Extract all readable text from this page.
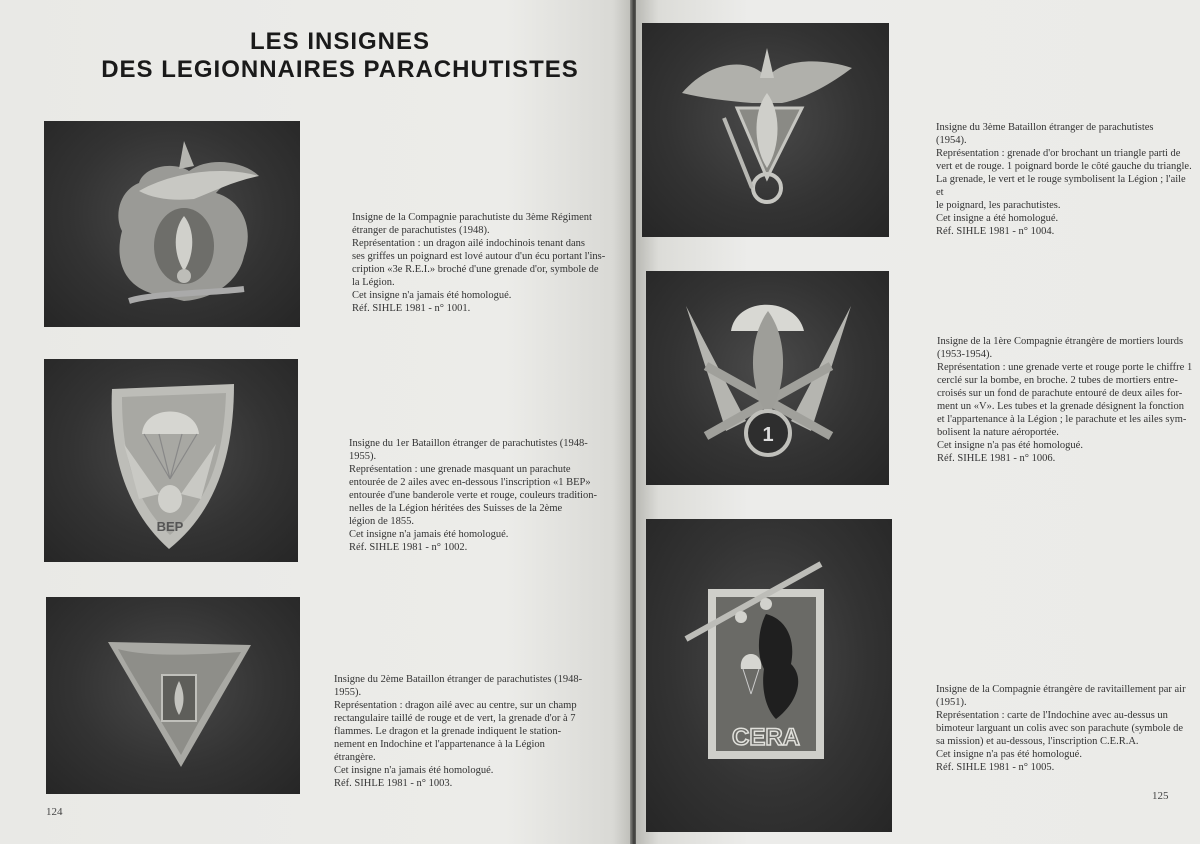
LES INSIGNES
DES LEGIONNAIRES PARACHUTISTES

Insigne de la Compagnie parachutiste du 3ème Régiment

étranger de parachutistes (1948).

Représentation : un dragon ailé indochinois tenant dans

ses griffes un poignard est lové autour d'un écu portant l'ins-

cription «3e R.E.I.» broché d'une grenade d'or, symbole de

la Légion.

Cet insigne n'a jamais été homologué.

Réf. SIHLE 1981 - n° 1001.

BEP

Insigne du 1er Bataillon étranger de parachutistes (1948-

1955).

Représentation : une grenade masquant un parachute

entourée de 2 ailes avec en-dessous l'inscription «1 BEP»

entourée d'une banderole verte et rouge, couleurs tradition-

nelles de la Légion héritées des Suisses de la 2ème

légion de 1855.

Cet insigne n'a jamais été homologué.

Réf. SIHLE 1981 - n° 1002.

Insigne du 2ème Bataillon étranger de parachutistes (1948-

1955).

Représentation : dragon ailé avec au centre, sur un champ

rectangulaire taillé de rouge et de vert, la grenade d'or à 7

flammes. Le dragon et la grenade indiquent le station-

nement en Indochine et l'appartenance à la Légion

étrangère.

Cet insigne n'a jamais été homologué.

Réf. SIHLE 1981 - n° 1003.

124

Insigne du 3ème Bataillon étranger de parachutistes

(1954).

Représentation : grenade d'or brochant un triangle parti de

vert et de rouge. 1 poignard borde le côté gauche du triangle.

La grenade, le vert et le rouge symbolisent la Légion ; l'aile et

le poignard, les parachutistes.

Cet insigne a été homologué.

Réf. SIHLE 1981 - n° 1004.

1

Insigne de la 1ère Compagnie étrangère de mortiers lourds

(1953-1954).

Représentation : une grenade verte et rouge porte le chiffre 1

cerclé sur la bombe, en broche. 2 tubes de mortiers entre-

croisés sur un fond de parachute entouré de deux ailes for-

ment un «V». Les tubes et la grenade désignent la fonction

et l'appartenance à la Légion ; le parachute et les ailes sym-

bolisent la nature aéroportée.

Cet insigne n'a pas été homologué.

Réf. SIHLE 1981 - n° 1006.

CERA

Insigne de la Compagnie étrangère de ravitaillement par air

(1951).

Représentation : carte de l'Indochine avec au-dessus un

bimoteur larguant un colis avec son parachute (symbole de

sa mission) et au-dessous, l'inscription C.E.R.A.

Cet insigne n'a pas été homologué.

Réf. SIHLE 1981 - n° 1005.

125
